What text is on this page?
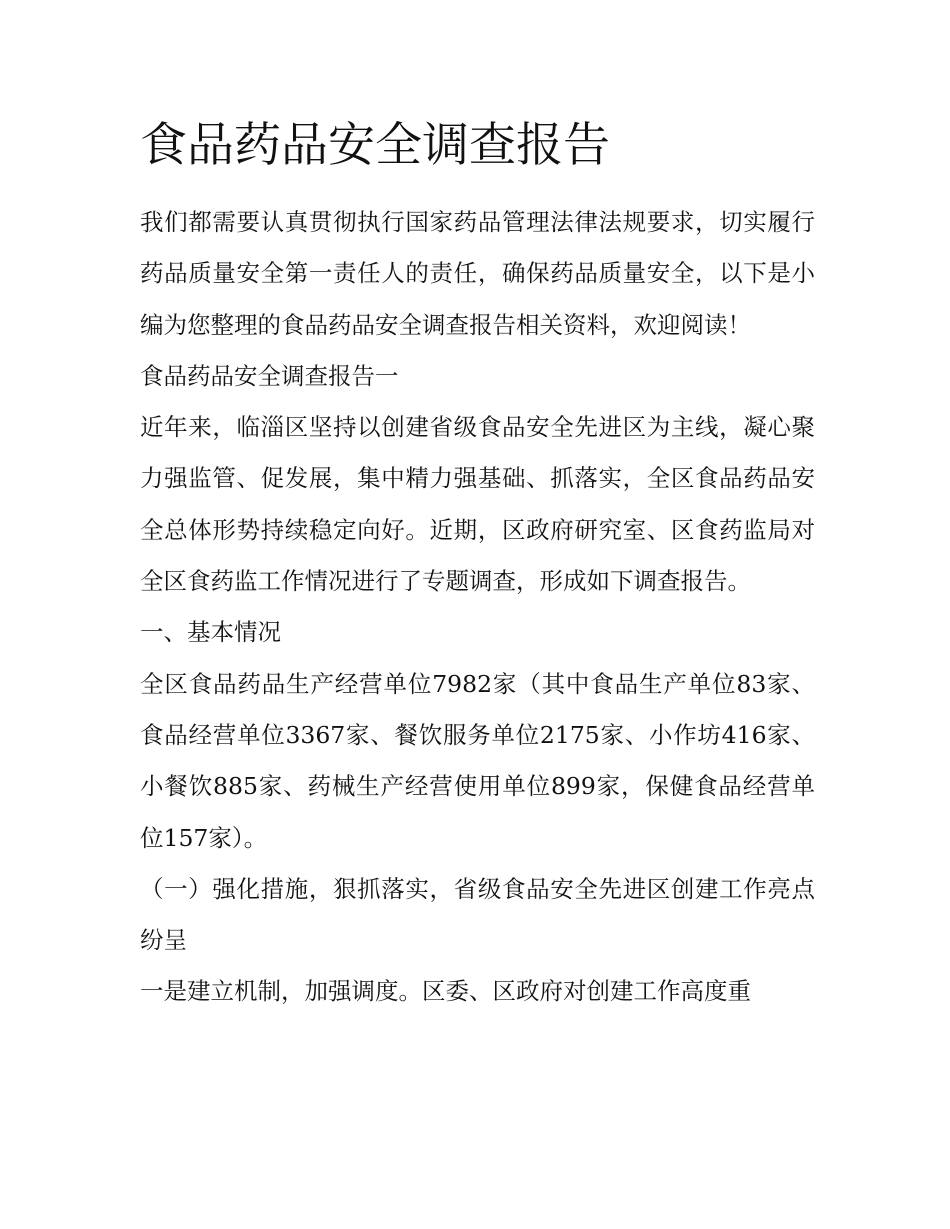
食品药品安全调查报告

我们都需要认真贯彻执行国家药品管理法律法规要求，切实履行药品质量安全第一责任人的责任，确保药品质量安全，以下是小编为您整理的食品药品安全调查报告相关资料，欢迎阅读！

食品药品安全调查报告一

近年来，临淄区坚持以创建省级食品安全先进区为主线，凝心聚力强监管、促发展，集中精力强基础、抓落实，全区食品药品安全总体形势持续稳定向好。近期，区政府研究室、区食药监局对全区食药监工作情况进行了专题调查，形成如下调查报告。

一、基本情况

全区食品药品生产经营单位7982家（其中食品生产单位83家、食品经营单位3367家、餐饮服务单位2175家、小作坊416家、小餐饮885家、药械生产经营使用单位899家，保健食品经营单位157家）。

（一）强化措施，狠抓落实，省级食品安全先进区创建工作亮点纷呈

一是建立机制，加强调度。区委、区政府对创建工作高度重
